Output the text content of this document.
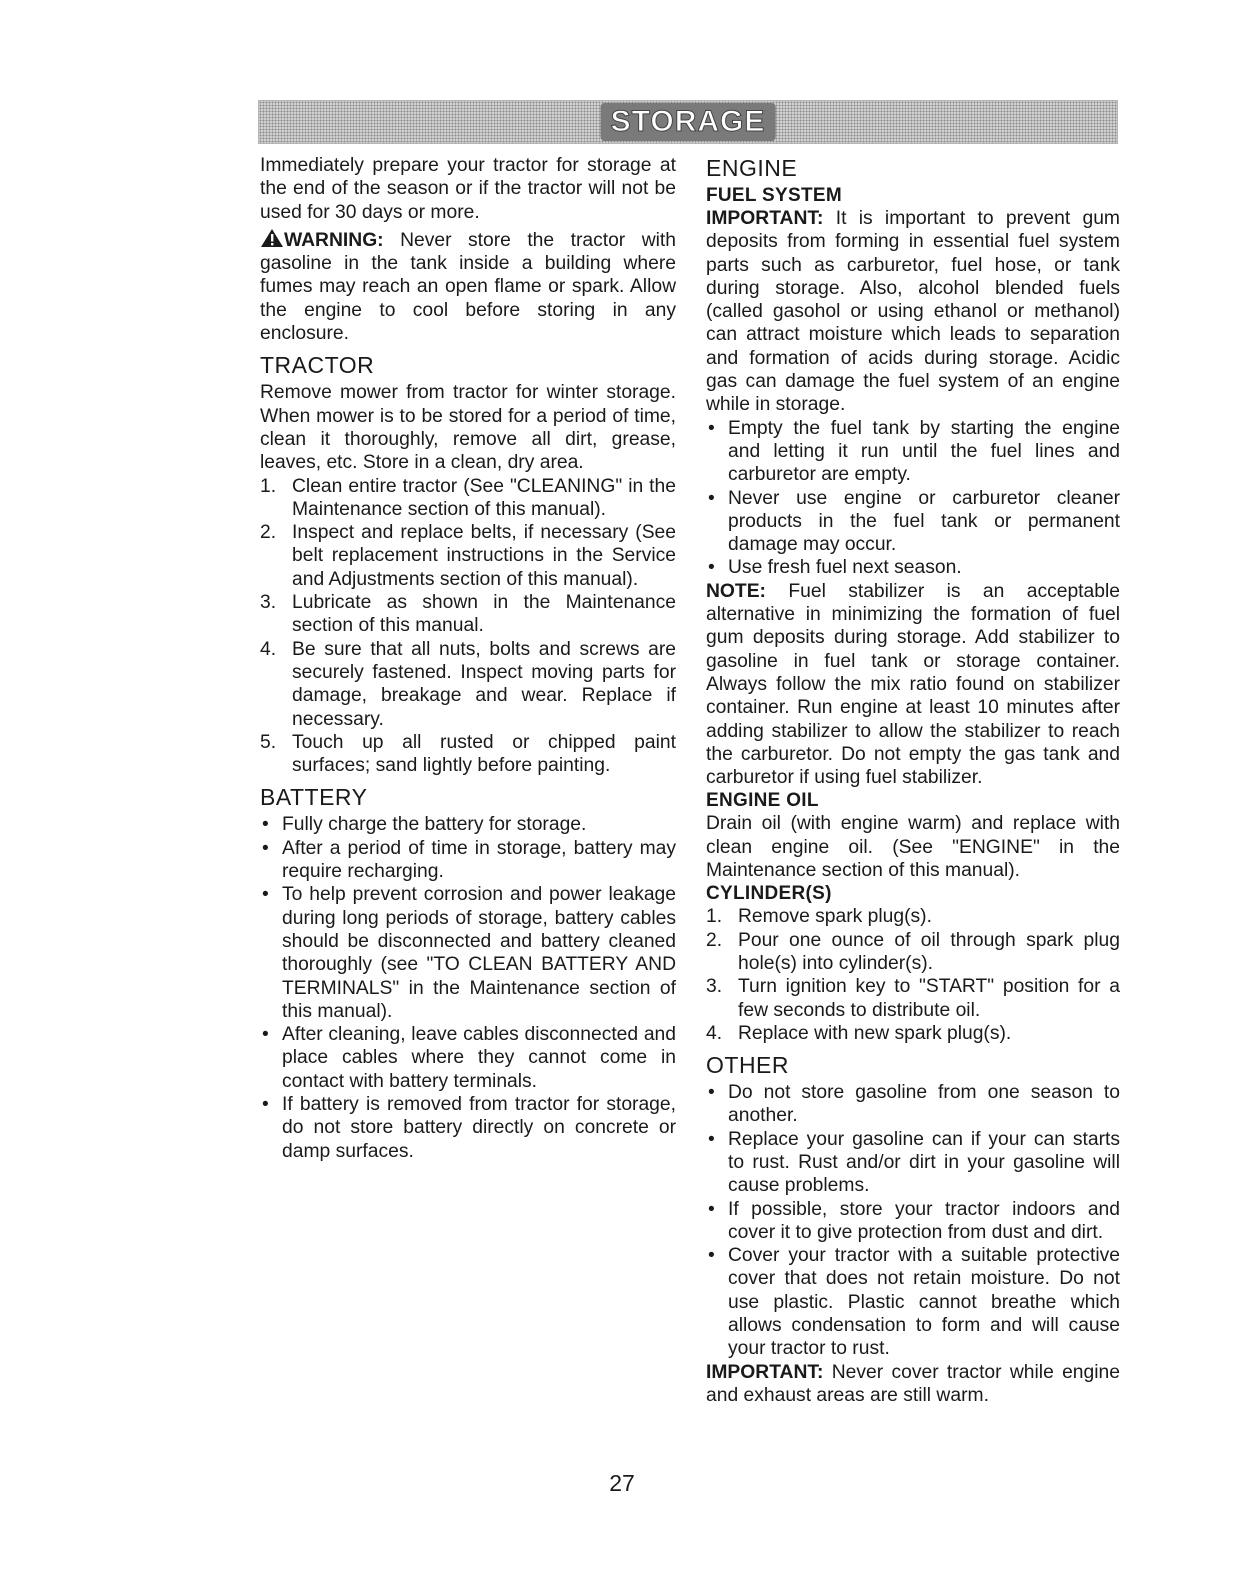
STORAGE

Immediately prepare your tractor for storage at the end of the season or if the tractor will not be used for 30 days or more.

WARNING: Never store the tractor with gasoline in the tank inside a building where fumes may reach an open flame or spark. Allow the engine to cool before storing in any enclosure.

TRACTOR

Remove mower from tractor for winter storage. When mower is to be stored for a period of time, clean it thoroughly, remove all dirt, grease, leaves, etc. Store in a clean, dry area.

1. Clean entire tractor (See "CLEANING" in the Maintenance section of this manual).
2. Inspect and replace belts, if necessary (See belt replacement instructions in the Service and Adjustments section of this manual).
3. Lubricate as shown in the Maintenance section of this manual.
4. Be sure that all nuts, bolts and screws are securely fastened. Inspect moving parts for damage, breakage and wear. Replace if necessary.
5. Touch up all rusted or chipped paint surfaces; sand lightly before painting.
BATTERY
• Fully charge the battery for storage.
• After a period of time in storage, battery may require recharging.
• To help prevent corrosion and power leakage during long periods of storage, battery cables should be disconnected and battery cleaned thoroughly (see "TO CLEAN BATTERY AND TERMINALS" in the Maintenance section of this manual).
• After cleaning, leave cables disconnected and place cables where they cannot come in contact with battery terminals.
• If battery is removed from tractor for storage, do not store battery directly on concrete or damp surfaces.
ENGINE
FUEL SYSTEM

IMPORTANT: It is important to prevent gum deposits from forming in essential fuel system parts such as carburetor, fuel hose, or tank during storage. Also, alcohol blended fuels (called gasohol or using ethanol or methanol) can attract moisture which leads to separation and formation of acids during storage. Acidic gas can damage the fuel system of an engine while in storage.

• Empty the fuel tank by starting the engine and letting it run until the fuel lines and carburetor are empty.
• Never use engine or carburetor cleaner products in the fuel tank or permanent damage may occur.
• Use fresh fuel next season.

NOTE: Fuel stabilizer is an acceptable alternative in minimizing the formation of fuel gum deposits during storage. Add stabilizer to gasoline in fuel tank or storage container. Always follow the mix ratio found on stabilizer container. Run engine at least 10 minutes after adding stabilizer to allow the stabilizer to reach the carburetor. Do not empty the gas tank and carburetor if using fuel stabilizer.

ENGINE OIL

Drain oil (with engine warm) and replace with clean engine oil. (See "ENGINE" in the Maintenance section of this manual).

CYLINDER(S)
1. Remove spark plug(s).
2. Pour one ounce of oil through spark plug hole(s) into cylinder(s).
3. Turn ignition key to "START" position for a few seconds to distribute oil.
4. Replace with new spark plug(s).
OTHER
• Do not store gasoline from one season to another.
• Replace your gasoline can if your can starts to rust. Rust and/or dirt in your gasoline will cause problems.
• If possible, store your tractor indoors and cover it to give protection from dust and dirt.
• Cover your tractor with a suitable protective cover that does not retain moisture. Do not use plastic. Plastic cannot breathe which allows condensation to form and will cause your tractor to rust.

IMPORTANT: Never cover tractor while engine and exhaust areas are still warm.

27
